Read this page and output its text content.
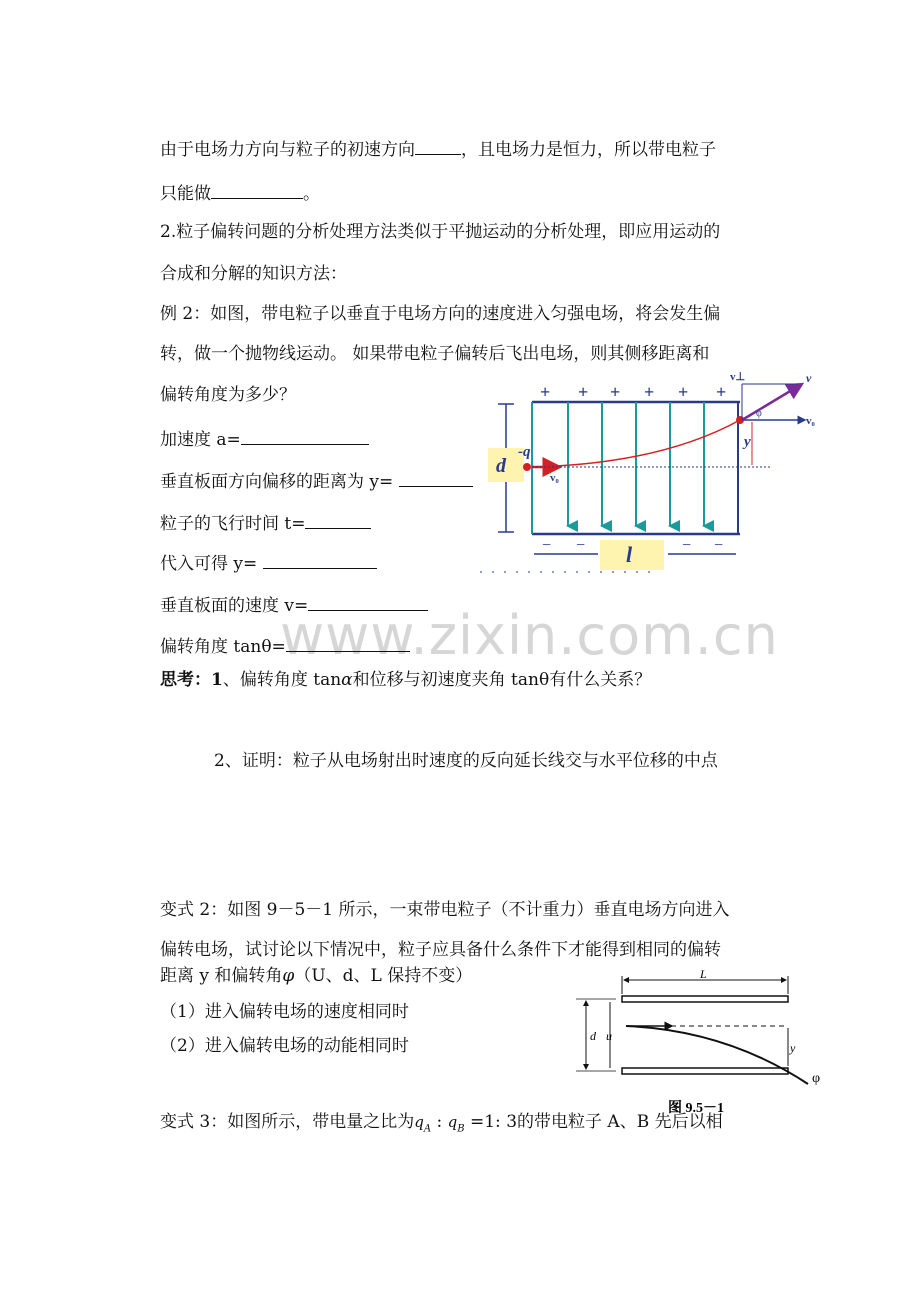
由于电场力方向与粒子的初速方向	，且电场力是恒力，所以带电粒子
只能做	。
2.粒子偏转问题的分析处理方法类似于平抛运动的分析处理，即应用运动的
合成和分解的知识方法：
例 2：如图，带电粒子以垂直于电场方向的速度进入匀强电场，将会发生偏
转，做一个抛物线运动。 如果带电粒子偏转后飞出电场，则其侧移距离和
偏转角度为多少？
加速度 a=
垂直板面方向偏移的距离为 y=
粒子的飞行时间 t=
代入可得 y=
垂直板面的速度 v=
www.zixin.com.cn
偏转角度 tanθ=
思考：1、偏转角度 tanα和位移与初速度夹角 tanθ有什么关系？
2、证明：粒子从电场射出时速度的反向延长线交与水平位移的中点
变式 2：如图 9－5－1 所示，一束带电粒子（不计重力）垂直电场方向进入
偏转电场，试讨论以下情况中，粒子应具备什么条件下才能得到相同的偏转
距离 y 和偏转角φ（U、d、L 保持不变）
（1）进入偏转电场的速度相同时
（2）进入偏转电场的动能相同时
变式 3：如图所示，带电量之比为$q_A$ : $q_B =1$: 3的带电粒子 A、B 先后以相
+ + + + + +
− −	− −
l
d
-q
v₀
y
v⊥	v
v₀
φ
L
d u
y
φ
图 9.5－1
